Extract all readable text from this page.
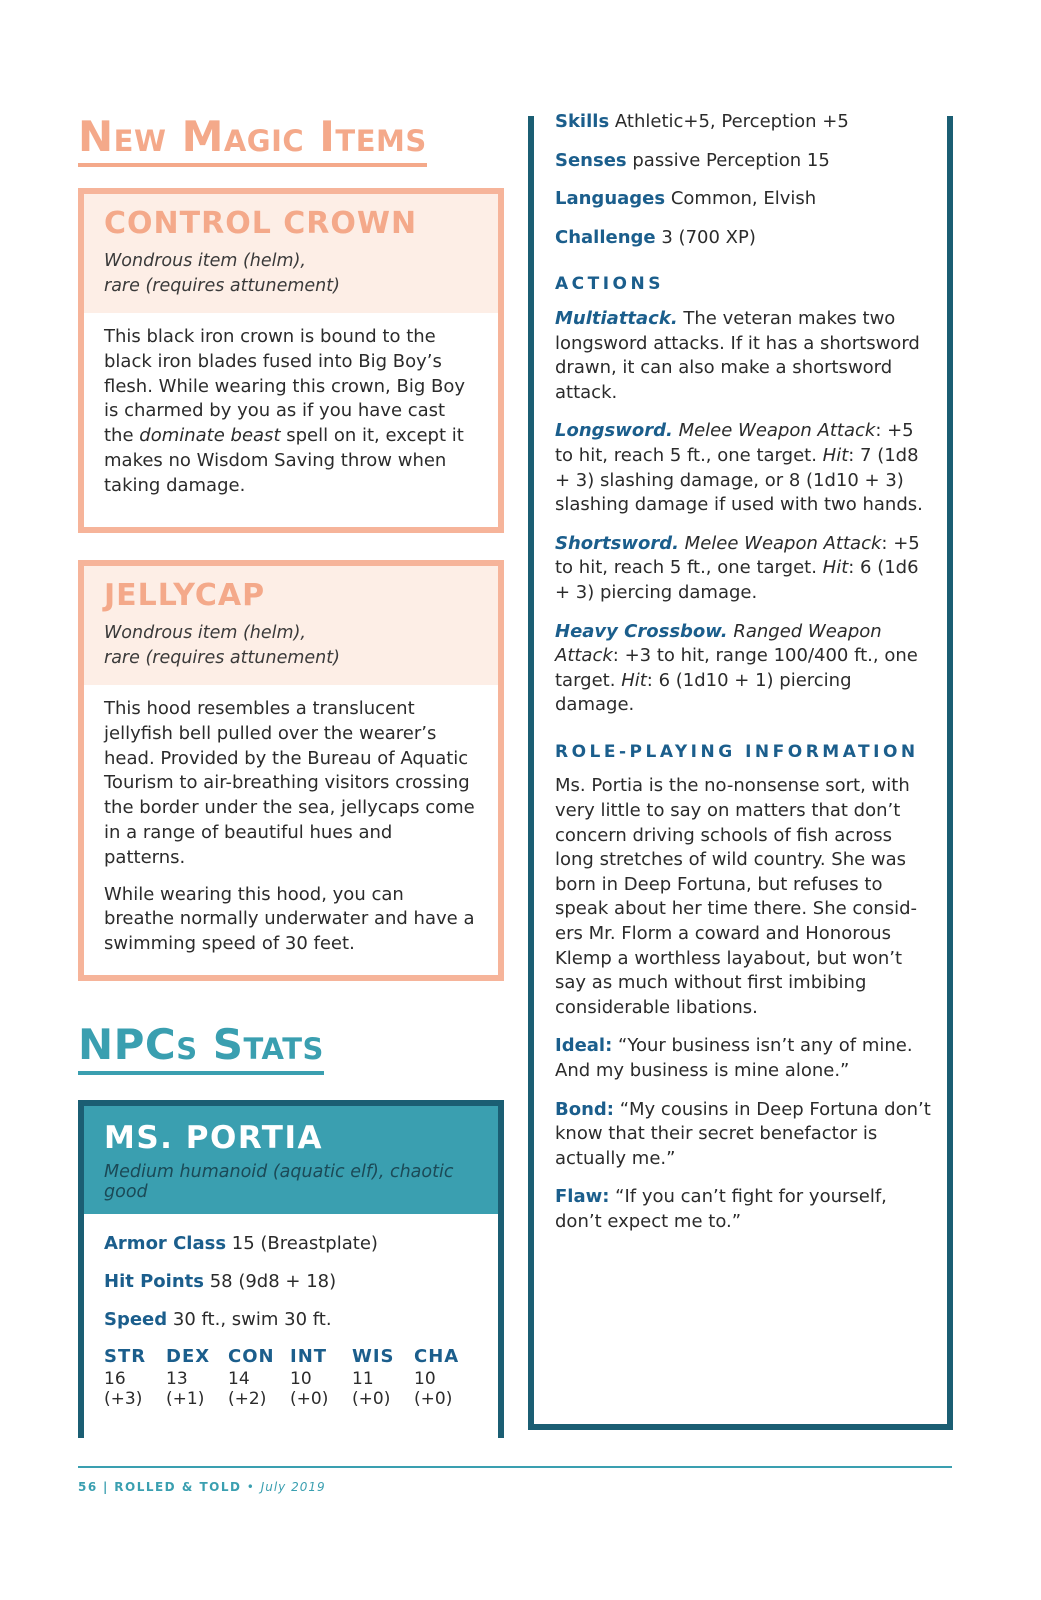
New Magic Items
CONTROL CROWN
Wondrous item (helm),
rare (requires attunement)

This black iron crown is bound to the black iron blades fused into Big Boy’s flesh. While wearing this crown, Big Boy is charmed by you as if you have cast the dominate beast spell on it, except it makes no Wisdom Saving throw when taking damage.

JELLYCAP
Wondrous item (helm),
rare (requires attunement)

This hood resembles a translucent jellyfish bell pulled over the wearer’s head. Provided by the Bureau of Aquatic Tourism to air-breathing visitors crossing the border under the sea, jellycaps come in a range of beautiful hues and patterns.

While wearing this hood, you can breathe normally underwater and have a swimming speed of 30 feet.

NPCs Stats
MS. PORTIA
Medium humanoid (aquatic elf), chaotic good
Armor Class 15 (Breastplate)
Hit Points 58 (9d8 + 18)
Speed 30 ft., swim 30 ft.
STR
16 (+3)
DEX
13 (+1)
CON
14 (+2)
INT
10 (+0)
WIS
11 (+0)
CHA
10 (+0)

Skills Athletic+5, Perception +5

Senses passive Perception 15

Languages Common, Elvish

Challenge 3 (700 XP)

ACTIONS

Multiattack. The veteran makes two longsword attacks. If it has a shortsword drawn, it can also make a shortsword attack.

Longsword. Melee Weapon Attack: +5 to hit, reach 5 ft., one target. Hit: 7 (1d8 + 3) slashing damage, or 8 (1d10 + 3) slashing damage if used with two hands.

Shortsword. Melee Weapon Attack: +5 to hit, reach 5 ft., one target. Hit: 6 (1d6 + 3) piercing damage.

Heavy Crossbow. Ranged Weapon Attack: +3 to hit, range 100/400 ft., one target. Hit: 6 (1d10 + 1) piercing damage.

ROLE-PLAYING INFORMATION

Ms. Portia is the no-nonsense sort, with very little to say on matters that don’t concern driving schools of fish across long stretches of wild country. She was born in Deep Fortuna, but refuses to speak about her time there. She consid-ers Mr. Florm a coward and Honorous Klemp a worthless layabout, but won’t say as much without first imbibing considerable libations.

Ideal: “Your business isn’t any of mine. And my business is mine alone.”

Bond: “My cousins in Deep Fortuna don’t know that their secret benefactor is actually me.”

Flaw: “If you can’t fight for yourself, don’t expect me to.”

56 | ROLLED & TOLD • July 2019
